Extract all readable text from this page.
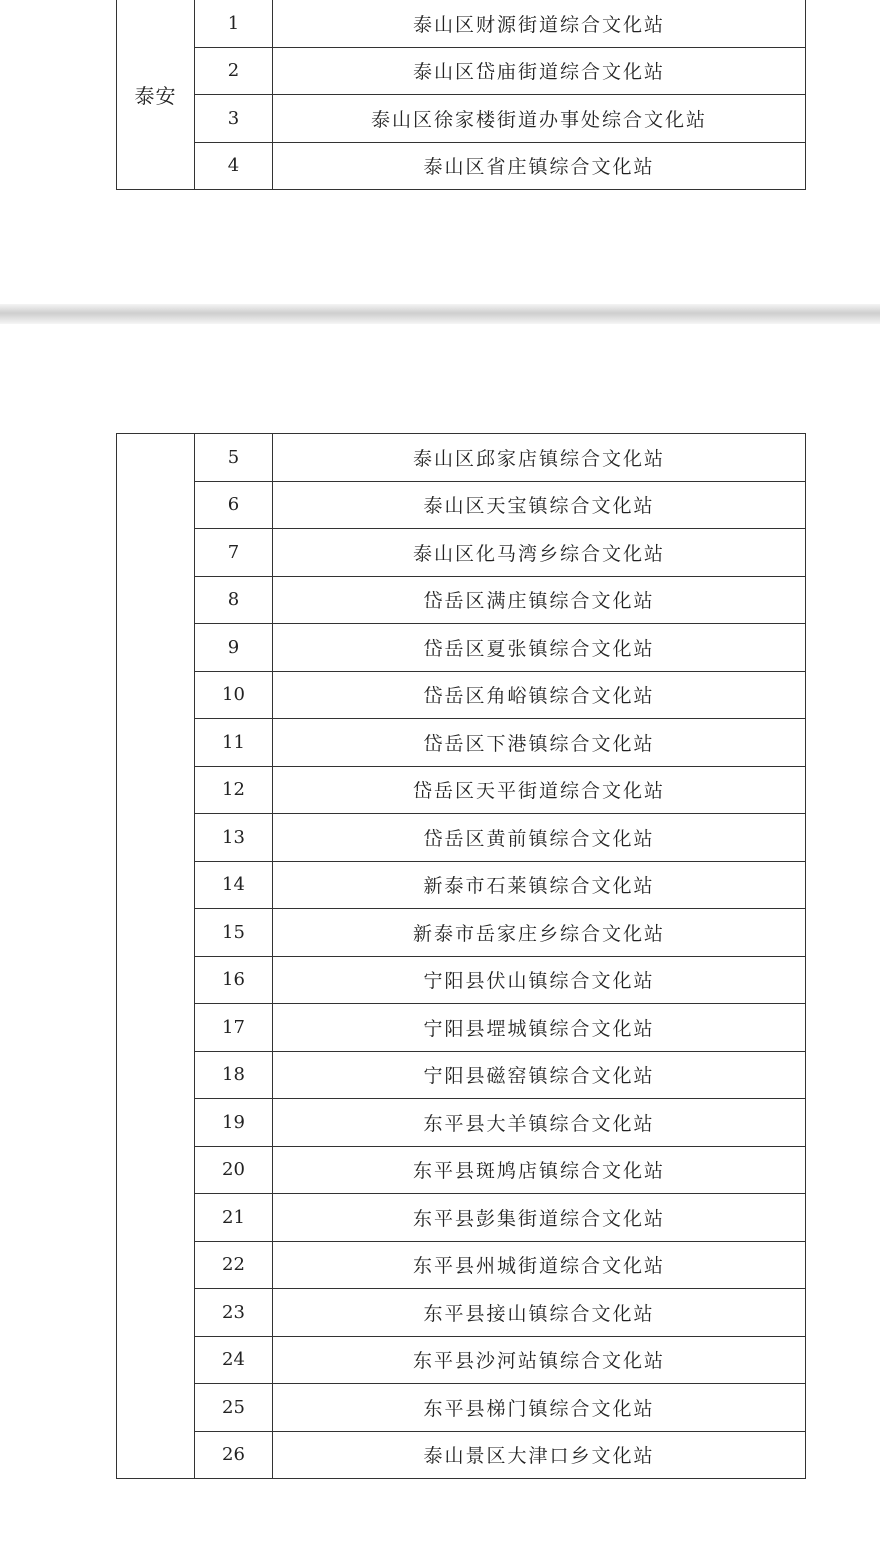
泰安	1	泰山区财源街道综合文化站
	2	泰山区岱庙街道综合文化站
	3	泰山区徐家楼街道办事处综合文化站
	4	泰山区省庄镇综合文化站
	5	泰山区邱家店镇综合文化站
	6	泰山区天宝镇综合文化站
	7	泰山区化马湾乡综合文化站
	8	岱岳区满庄镇综合文化站
	9	岱岳区夏张镇综合文化站
	10	岱岳区角峪镇综合文化站
	11	岱岳区下港镇综合文化站
	12	岱岳区天平街道综合文化站
	13	岱岳区黄前镇综合文化站
	14	新泰市石莱镇综合文化站
	15	新泰市岳家庄乡综合文化站
	16	宁阳县伏山镇综合文化站
	17	宁阳县堽城镇综合文化站
	18	宁阳县磁窑镇综合文化站
	19	东平县大羊镇综合文化站
	20	东平县斑鸠店镇综合文化站
	21	东平县彭集街道综合文化站
	22	东平县州城街道综合文化站
	23	东平县接山镇综合文化站
	24	东平县沙河站镇综合文化站
	25	东平县梯门镇综合文化站
	26	泰山景区大津口乡文化站
